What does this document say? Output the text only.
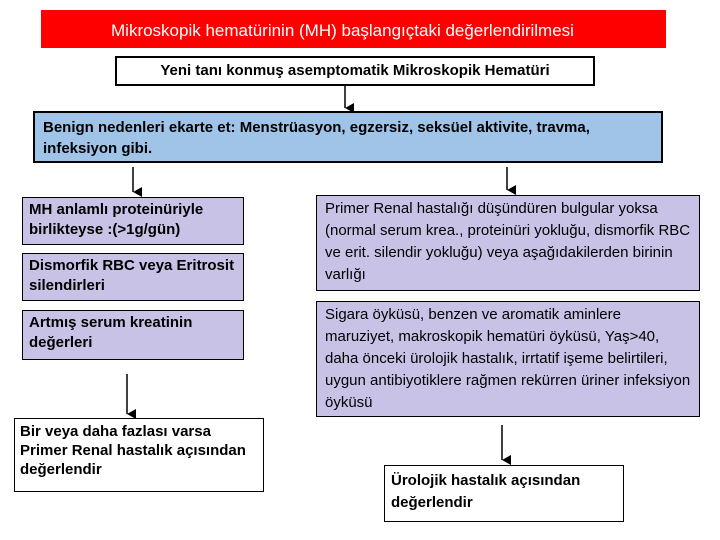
Mikroskopik hematürinin (MH) başlangıçtaki değerlendirilmesi
Yeni tanı konmuş asemptomatik Mikroskopik Hematüri
Benign nedenleri ekarte et: Menstrüasyon, egzersiz, seksüel aktivite, travma, infeksiyon gibi.
MH anlamlı proteinüriyle birlikteyse :(>1g/gün)
Dismorfik RBC veya Eritrosit silendirleri
Artmış serum kreatinin değerleri
Bir veya daha fazlası varsa Primer Renal hastalık açısından değerlendir
Primer Renal hastalığı düşündüren bulgular yoksa (normal serum krea., proteinüri yokluğu, dismorfik RBC ve erit. silendir yokluğu) veya aşağıdakilerden birinin varlığı
Sigara öyküsü, benzen ve aromatik aminlere maruziyet, makroskopik hematüri öyküsü, Yaş>40, daha önceki ürolojik hastalık, irrtatif işeme belirtileri, uygun antibiyotiklere rağmen rekürren üriner infeksiyon öyküsü
Ürolojik hastalık açısından değerlendir
